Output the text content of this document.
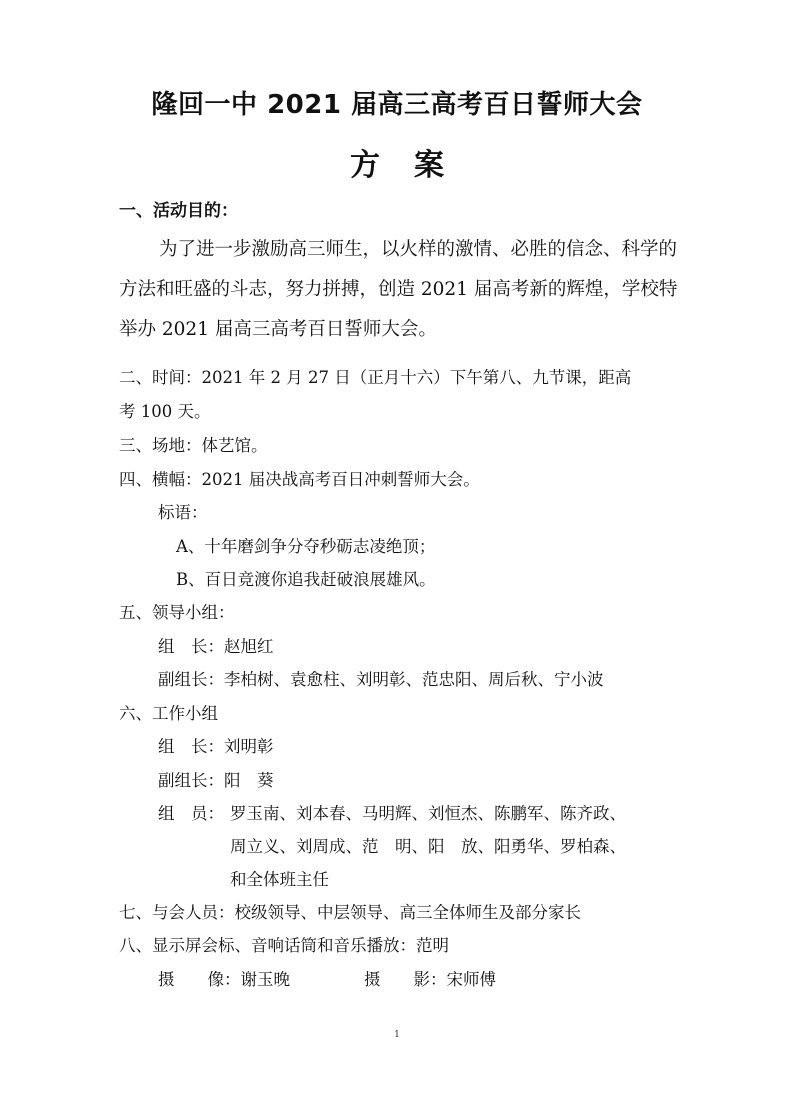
隆回一中 2021 届高三高考百日誓师大会
方 案
一、活动目的：
为了进一步激励高三师生，以火样的激情、必胜的信念、科学的方法和旺盛的斗志，努力拼搏，创造 2021 届高考新的辉煌，学校特举办 2021 届高三高考百日誓师大会。
二、时间：2021 年 2 月 27 日（正月十六）下午第八、九节课，距高
考 100 天。
三、场地：体艺馆。
四、横幅：2021 届决战高考百日冲刺誓师大会。
标语：
A、十年磨剑争分夺秒砺志凌绝顶；
B、百日竞渡你追我赶破浪展雄风。
五、领导小组：
组　长：赵旭红
副组长：李柏树、袁愈柱、刘明彰、范忠阳、周后秋、宁小波
六、工作小组
组　长：刘明彰
副组长：阳　葵
组　员： 罗玉南、刘本春、马明辉、刘恒杰、陈鹏军、陈齐政、
周立义、刘周成、范　明、阳　放、阳勇华、罗柏森、
和全体班主任
七、与会人员：校级领导、中层领导、高三全体师生及部分家长
八、显示屏会标、音响话筒和音乐播放：范明
摄　　像：谢玉晚	摄　　影：宋师傅
1
